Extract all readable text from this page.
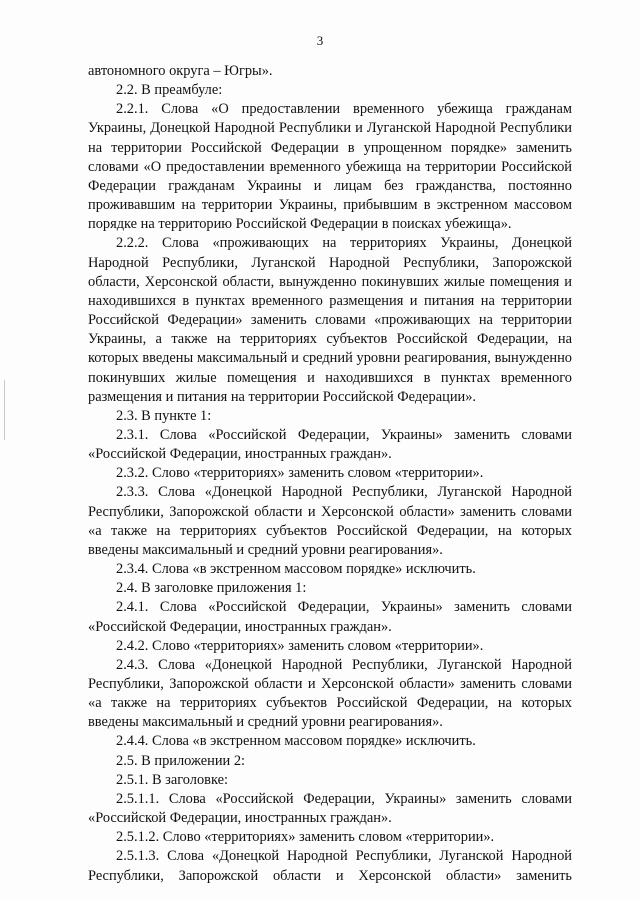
3

автономного округа – Югры».

2.2. В преамбуле:

2.2.1. Слова «О предоставлении временного убежища гражданам Украины, Донецкой Народной Республики и Луганской Народной Республики на территории Российской Федерации в упрощенном порядке» заменить словами «О предоставлении временного убежища на территории Российской Федерации гражданам Украины и лицам без гражданства, постоянно проживавшим на территории Украины, прибывшим в экстренном массовом порядке на территорию Российской Федерации в поисках убежища».

2.2.2. Слова «проживающих на территориях Украины, Донецкой Народной Республики, Луганской Народной Республики, Запорожской области, Херсонской области, вынужденно покинувших жилые помещения и находившихся в пунктах временного размещения и питания на территории Российской Федерации» заменить словами «проживающих на территории Украины, а также на территориях субъектов Российской Федерации, на которых введены максимальный и средний уровни реагирования, вынужденно покинувших жилые помещения и находившихся в пунктах временного размещения и питания на территории Российской Федерации».

2.3. В пункте 1:

2.3.1. Слова «Российской Федерации, Украины» заменить словами «Российской Федерации, иностранных граждан».

2.3.2. Слово «территориях» заменить словом «территории».

2.3.3. Слова «Донецкой Народной Республики, Луганской Народной Республики, Запорожской области и Херсонской области» заменить словами «а также на территориях субъектов Российской Федерации, на которых введены максимальный и средний уровни реагирования».

2.3.4. Слова «в экстренном массовом порядке» исключить.

2.4. В заголовке приложения 1:

2.4.1. Слова «Российской Федерации, Украины» заменить словами «Российской Федерации, иностранных граждан».

2.4.2. Слово «территориях» заменить словом «территории».

2.4.3. Слова «Донецкой Народной Республики, Луганской Народной Республики, Запорожской области и Херсонской области» заменить словами «а также на территориях субъектов Российской Федерации, на которых введены максимальный и средний уровни реагирования».

2.4.4. Слова «в экстренном массовом порядке» исключить.

2.5. В приложении 2:

2.5.1. В заголовке:

2.5.1.1. Слова «Российской Федерации, Украины» заменить словами «Российской Федерации, иностранных граждан».

2.5.1.2. Слово «территориях» заменить словом «территории».

2.5.1.3. Слова «Донецкой Народной Республики, Луганской Народной Республики, Запорожской области и Херсонской области» заменить
